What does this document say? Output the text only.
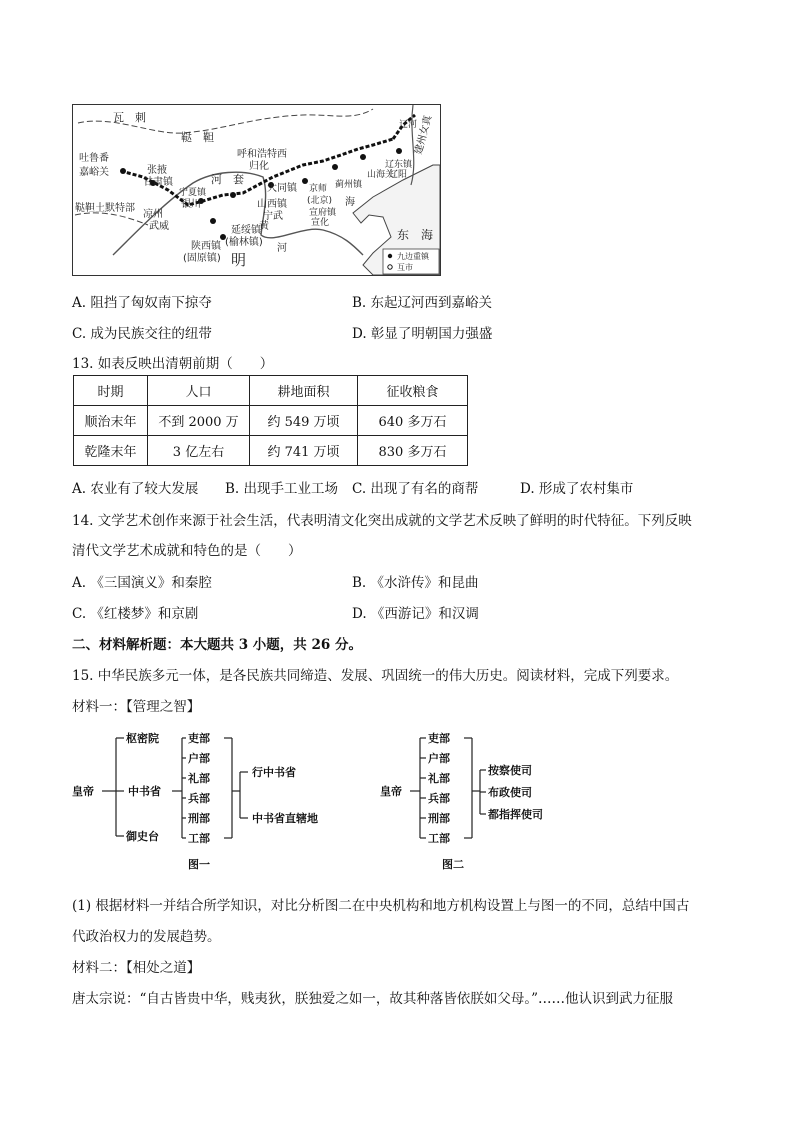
瓦　刺
鞑　靼
吐鲁番
嘉峪关	张掖
甘肃镇	河　套
呼和浩特西
归化
宁夏镇
银川
鞑靼土默特部
凉州
武威
大同镇
山西镇
宁武
京师
(北京)
宣府镇
宣化
蓟州镇
辽东镇
辽阳
山海关
建州女真
辽河
延绥镇
(榆林镇)
陕西镇
(固原镇) 明
黄
河
海
东　海
九边重镇
互市
A. 阻挡了匈奴南下掠夺	B. 东起辽河西到嘉峪关
C. 成为民族交往的纽带	D. 彰显了明朝国力强盛
13. 如表反映出清朝前期（　　）
时期	人口	耕地面积	征收粮食
顺治末年	不到 2000 万	约 549 万顷	640 多万石
乾隆末年	3 亿左右	约 741 万顷	830 多万石
A. 农业有了较大发展 B. 出现手工业工场 C. 出现了有名的商帮	D. 形成了农村集市
14. 文学艺术创作来源于社会生活，代表明清文化突出成就的文学艺术反映了鲜明的时代特征。下列反映
清代文学艺术成就和特色的是（　　）
A. 《三国演义》和秦腔	B. 《水浒传》和昆曲
C. 《红楼梦》和京剧	D. 《西游记》和汉调
二、材料解析题：本大题共 3 小题，共 26 分。
15. 中华民族多元一体，是各民族共同缔造、发展、巩固统一的伟大历史。阅读材料，完成下列要求。
材料一：【管理之智】
皇帝
枢密院
中书省
御史台
吏部
户部
礼部
兵部
刑部
工部
行中书省
中书省直辖地
图一
皇帝
吏部
户部
礼部
兵部
刑部
工部
按察使司
布政使司
都指挥使司
图二
(1) 根据材料一并结合所学知识，对比分析图二在中央机构和地方机构设置上与图一的不同，总结中国古
代政治权力的发展趋势。
材料二：【相处之道】
唐太宗说：“自古皆贵中华，贱夷狄，朕独爱之如一，故其种落皆依朕如父母。”……他认识到武力征服
